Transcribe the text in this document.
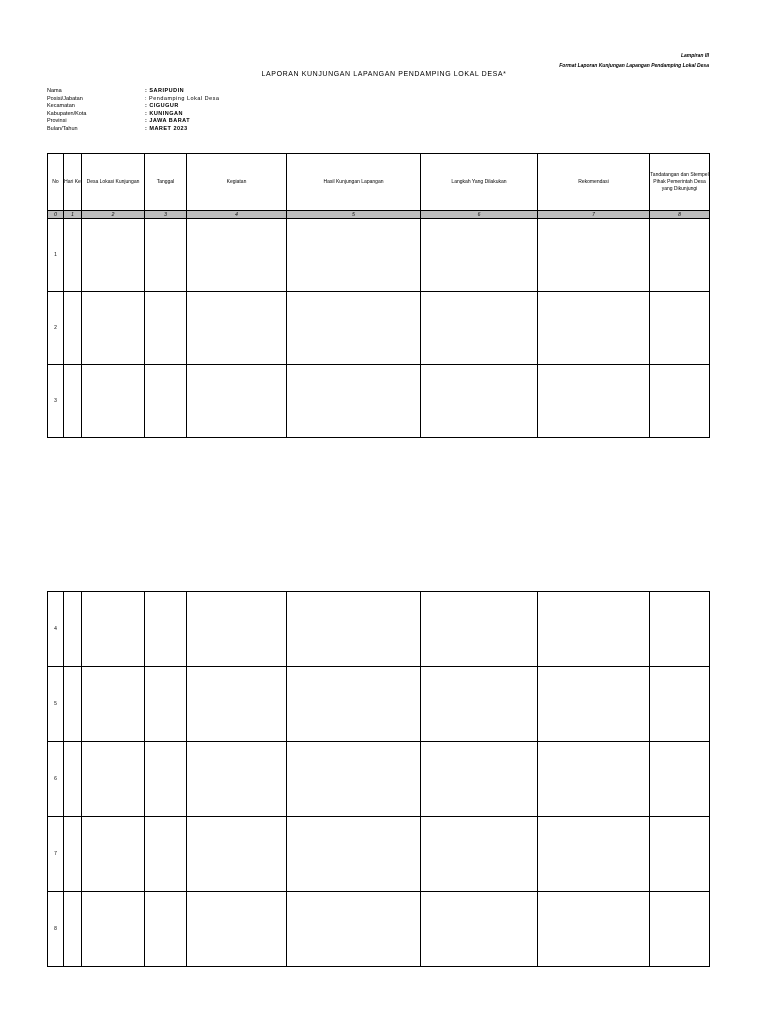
Lampiran III
Format Laporan Kunjungan Lapangan Pendamping Lokal Desa
LAPORAN KUNJUNGAN LAPANGAN PENDAMPING LOKAL DESA*
Nama	: SARIPUDIN
Posisi/Jabatan	: Pendamping Lokal Desa
Kecamatan	: CIGUGUR
Kabupaten/Kota	: KUNINGAN
Provinsi	: JAWA BARAT
Bulan/Tahun	: MARET 2023
No	Hari Ke	Desa Lokasi Kunjungan	Tanggal	Kegiatan	Hasil Kunjungan Lapangan	Langkah Yang Dilakukan	Rekomendasi	Tandatangan dan Stempel Pihak Pemerintah Desa yang Dikunjungi
0	1	2	3	4	5	6	7	8
1								
2								
3								
4								
5								
6								
7								
8								
